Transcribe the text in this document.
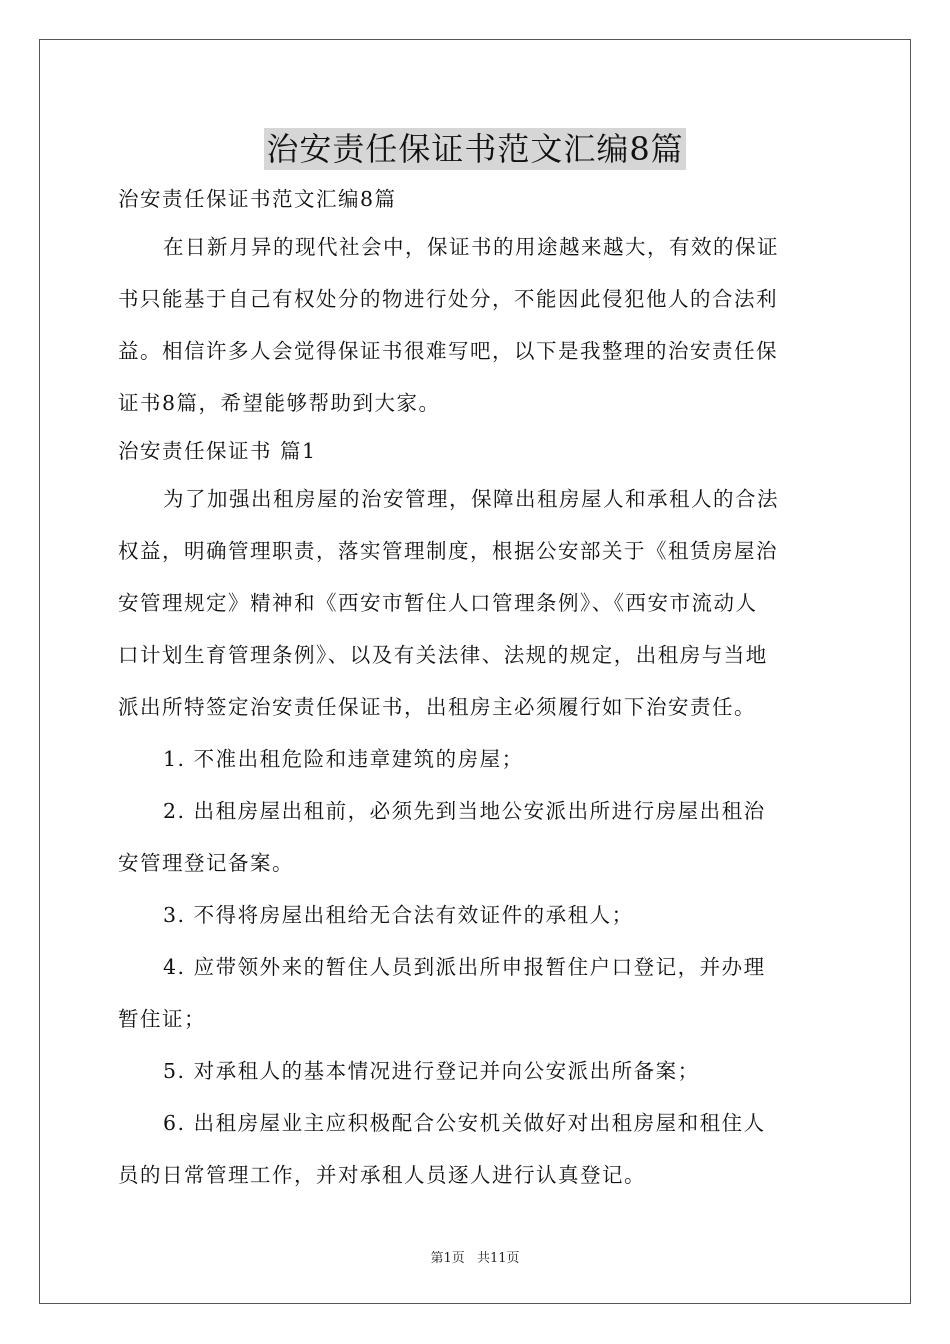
治安责任保证书范文汇编8篇
治安责任保证书范文汇编8篇
在日新月异的现代社会中，保证书的用途越来越大，有效的保证
书只能基于自己有权处分的物进行处分，不能因此侵犯他人的合法利
益。相信许多人会觉得保证书很难写吧，以下是我整理的治安责任保
证书8篇，希望能够帮助到大家。
治安责任保证书 篇1
为了加强出租房屋的治安管理，保障出租房屋人和承租人的合法
权益，明确管理职责，落实管理制度，根据公安部关于《租赁房屋治
安管理规定》精神和《西安市暂住人口管理条例》、《西安市流动人
口计划生育管理条例》、以及有关法律、法规的规定，出租房与当地
派出所特签定治安责任保证书，出租房主必须履行如下治安责任。
1. 不准出租危险和违章建筑的房屋；
2. 出租房屋出租前，必须先到当地公安派出所进行房屋出租治
安管理登记备案。
3. 不得将房屋出租给无合法有效证件的承租人；
4. 应带领外来的暂住人员到派出所申报暂住户口登记，并办理
暂住证；
5. 对承租人的基本情况进行登记并向公安派出所备案；
6. 出租房屋业主应积极配合公安机关做好对出租房屋和租住人
员的日常管理工作，并对承租人员逐人进行认真登记。
第1页 共11页
